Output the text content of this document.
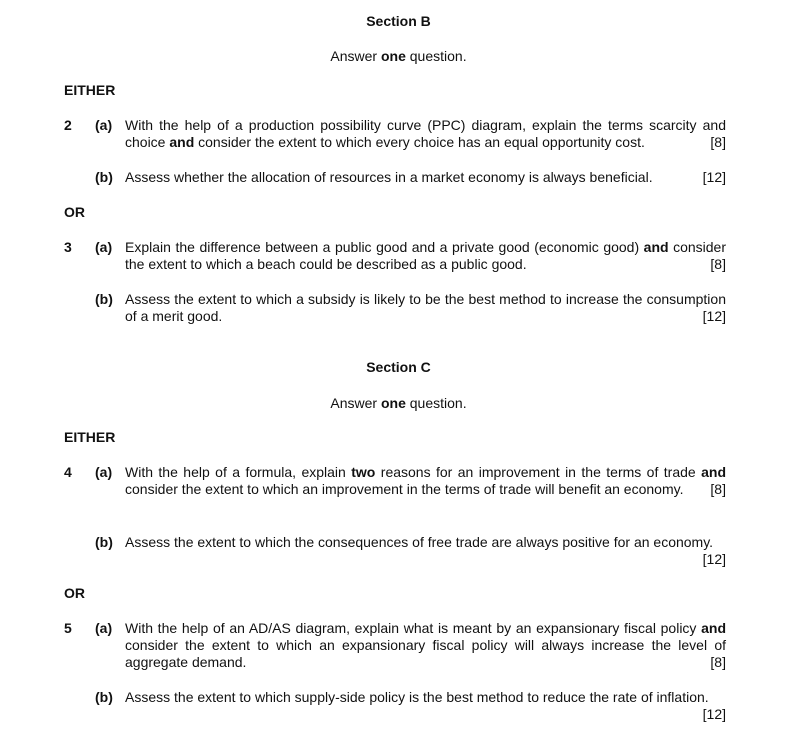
Section B
Answer one question.
EITHER
2 (a) With the help of a production possibility curve (PPC) diagram, explain the terms scarcity and choice and consider the extent to which every choice has an equal opportunity cost.	[8]
(b)	[12]
Assess whether the allocation of resources in a market economy is always beneficial.
OR
3 (a) Explain the difference between a public good and a private good (economic good) and consider the extent to which a beach could be described as a public good.	[8]
(b) Assess the extent to which a subsidy is likely to be the best method to increase the consumption of a merit good.	[12]
Section C
Answer one question.
EITHER
4 (a) With the help of a formula, explain two reasons for an improvement in the terms of trade and consider the extent to which an improvement in the terms of trade will benefit an economy. [8]
(b) Assess the extent to which the consequences of free trade are always positive for an economy.
[12]
OR
5 (a) With the help of an AD/AS diagram, explain what is meant by an expansionary fiscal policy and consider the extent to which an expansionary fiscal policy will always increase the level of aggregate demand.	[8]
(b) Assess the extent to which supply-side policy is the best method to reduce the rate of inflation.
[12]
